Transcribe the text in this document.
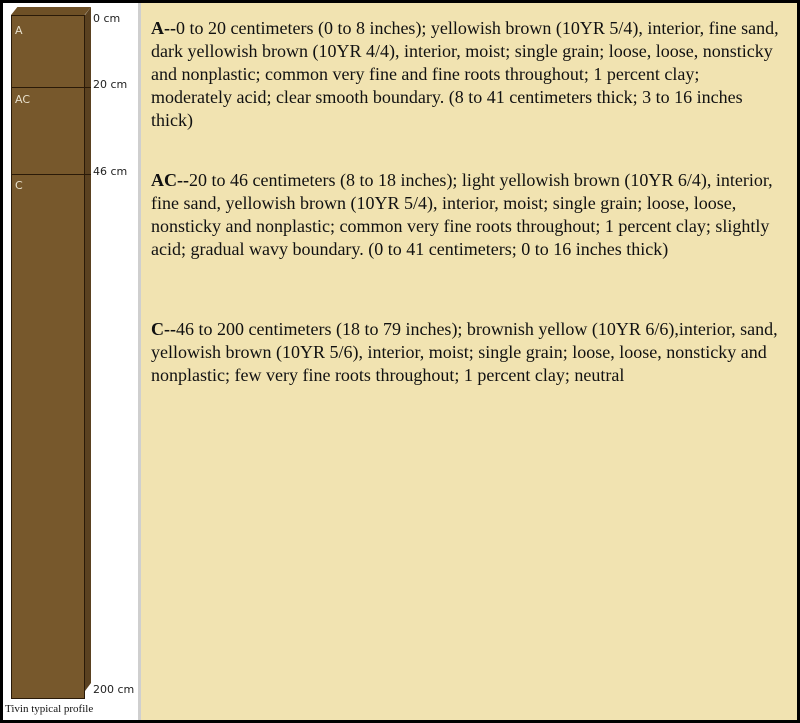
A
AC
C
0 cm
20 cm
46 cm
200 cm
Tivin typical profile

A--0 to 20 centimeters (0 to 8 inches); yellowish brown (10YR 5/4), interior, fine sand, dark yellowish brown (10YR 4/4), interior, moist; single grain; loose, loose, nonsticky and nonplastic; common very fine and fine roots throughout; 1 percent clay; moderately acid; clear smooth boundary. (8 to 41 centimeters thick; 3 to 16 inches thick)

AC--20 to 46 centimeters (8 to 18 inches); light yellowish brown (10YR 6/4), interior, fine sand, yellowish brown (10YR 5/4), interior, moist; single grain; loose, loose, nonsticky and nonplastic; common very fine roots throughout; 1 percent clay; slightly acid; gradual wavy boundary. (0 to 41 centimeters; 0 to 16 inches thick)

C--46 to 200 centimeters (18 to 79 inches); brownish yellow (10YR 6/6),interior, sand, yellowish brown (10YR 5/6), interior, moist; single grain; loose, loose, nonsticky and nonplastic; few very fine roots throughout; 1 percent clay; neutral
